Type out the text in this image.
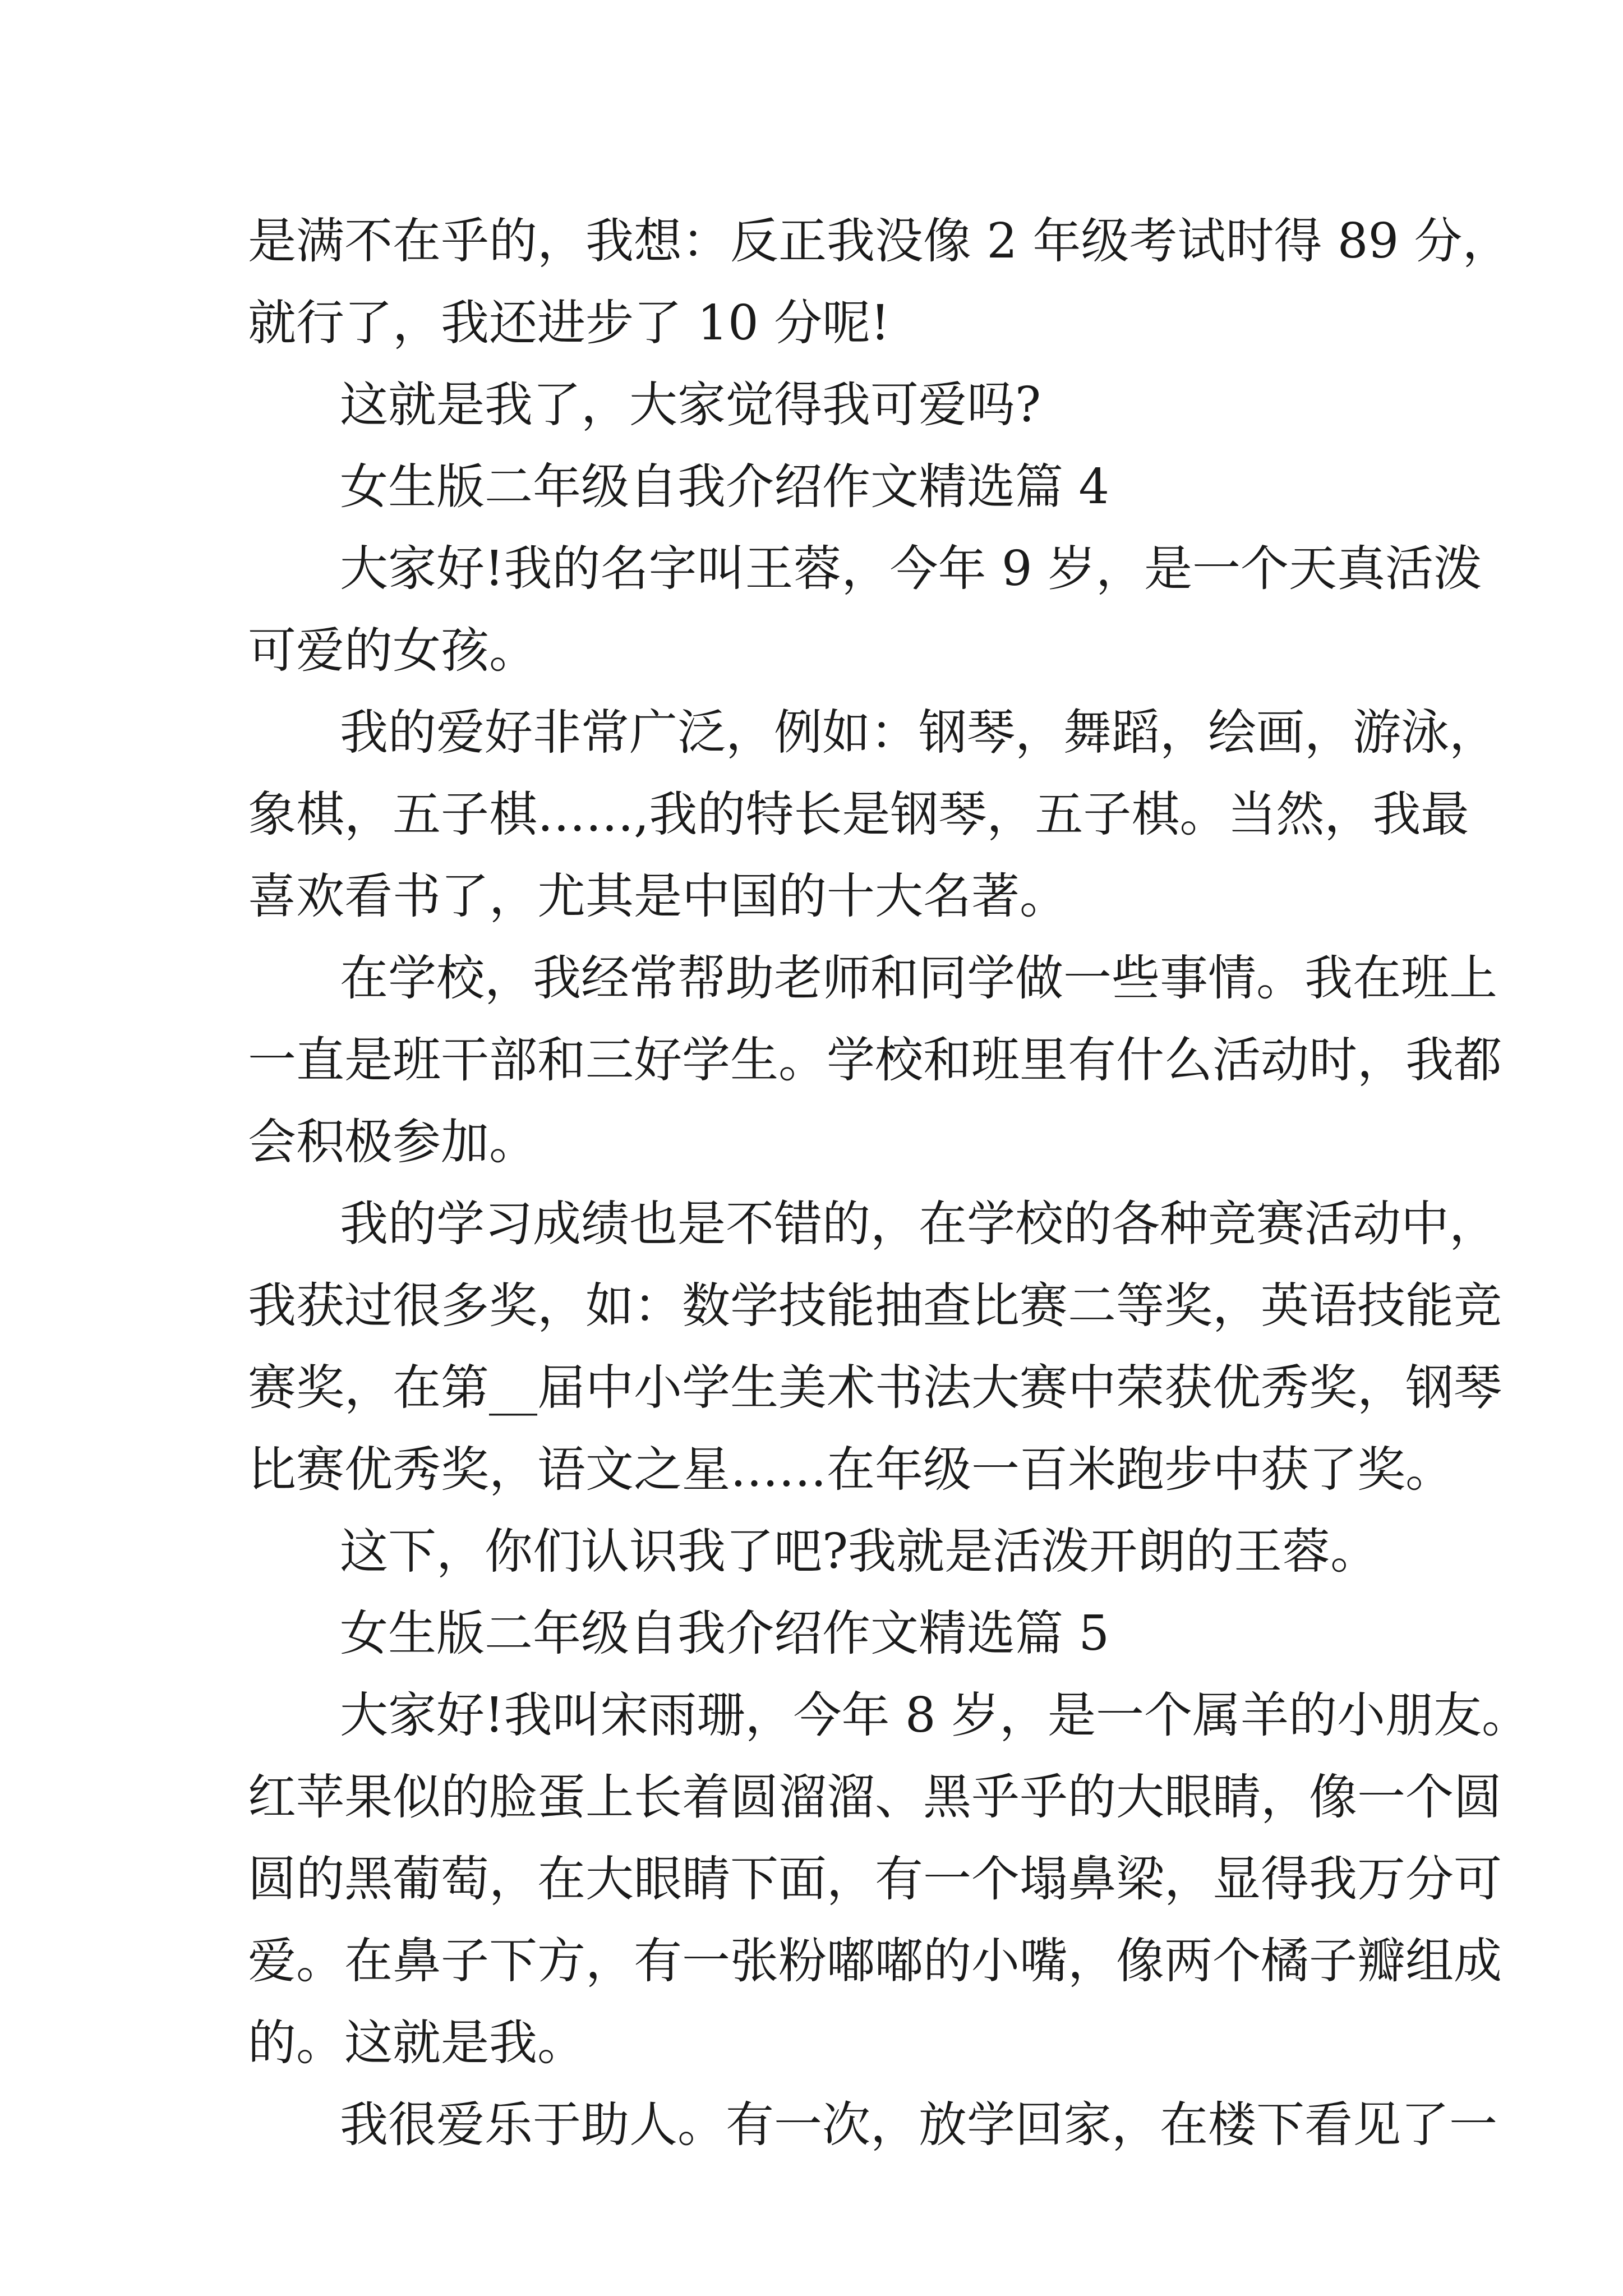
是满不在乎的，我想：反正我没像 2 年级考试时得 89 分，
就行了，我还进步了 10 分呢!
这就是我了，大家觉得我可爱吗?
女生版二年级自我介绍作文精选篇 4
大家好!我的名字叫王蓉，今年 9 岁，是一个天真活泼
可爱的女孩。
我的爱好非常广泛，例如：钢琴，舞蹈，绘画，游泳，
象棋，五子棋……,我的特长是钢琴，五子棋。当然，我最
喜欢看书了，尤其是中国的十大名著。
在学校，我经常帮助老师和同学做一些事情。我在班上
一直是班干部和三好学生。学校和班里有什么活动时，我都
会积极参加。
我的学习成绩也是不错的，在学校的各种竞赛活动中，
我获过很多奖，如：数学技能抽查比赛二等奖，英语技能竞
赛奖，在第__届中小学生美术书法大赛中荣获优秀奖，钢琴
比赛优秀奖，语文之星……在年级一百米跑步中获了奖。
这下，你们认识我了吧?我就是活泼开朗的王蓉。
女生版二年级自我介绍作文精选篇 5
大家好!我叫宋雨珊，今年 8 岁，是一个属羊的小朋友。
红苹果似的脸蛋上长着圆溜溜、黑乎乎的大眼睛，像一个圆
圆的黑葡萄，在大眼睛下面，有一个塌鼻梁，显得我万分可
爱。在鼻子下方，有一张粉嘟嘟的小嘴，像两个橘子瓣组成
的。这就是我。
我很爱乐于助人。有一次，放学回家，在楼下看见了一
